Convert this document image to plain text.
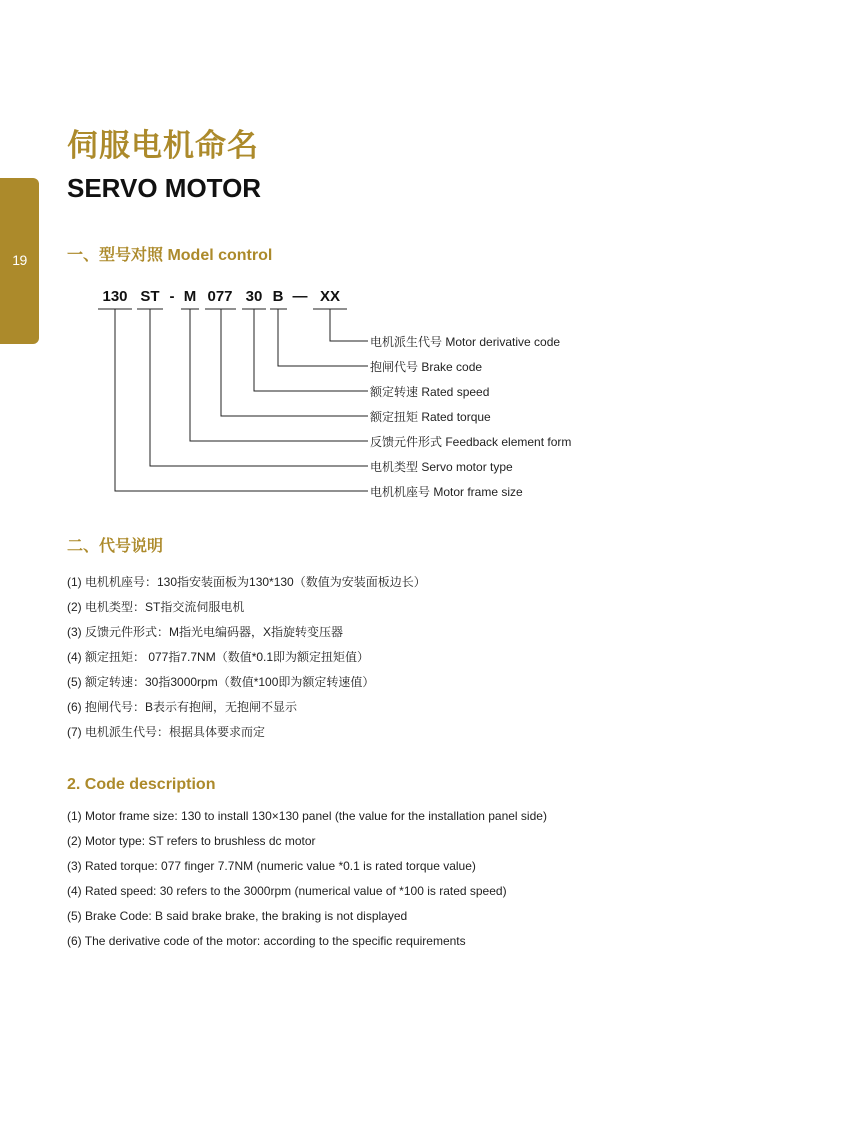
19
伺服电机命名
SERVO MOTOR
一、型号对照 Model control
130 ST - M 077 30 B — XX
电机派生代号 Motor derivative code
抱闸代号 Brake code
额定转速 Rated speed
额定扭矩 Rated torque
反馈元件形式 Feedback element form
电机类型 Servo motor type
电机机座号 Motor frame size
二、代号说明
(1) 电机机座号：130指安装面板为130*130（数值为安装面板边长）
(2) 电机类型：ST指交流伺服电机
(3) 反馈元件形式：M指光电编码器，X指旋转变压器
(4) 额定扭矩： 077指7.7NM（数值*0.1即为额定扭矩值）
(5) 额定转速：30指3000rpm（数值*100即为额定转速值）
(6) 抱闸代号：B表示有抱闸，无抱闸不显示
(7) 电机派生代号：根据具体要求而定
2. Code description
(1) Motor frame size: 130 to install 130×130 panel (the value for the installation panel side)
(2) Motor type: ST refers to brushless dc motor
(3) Rated torque: 077 finger 7.7NM (numeric value *0.1 is rated torque value)
(4) Rated speed: 30 refers to the 3000rpm (numerical value of *100 is rated speed)
(5) Brake Code: B said brake brake, the braking is not displayed
(6) The derivative code of the motor: according to the specific requirements
